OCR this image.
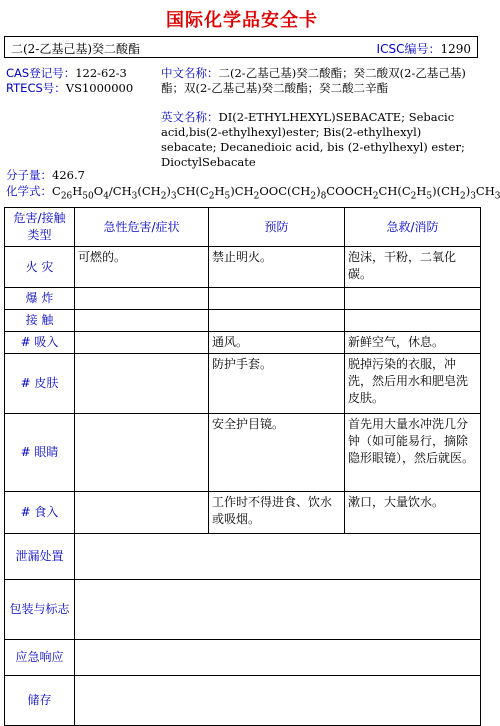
国际化学品安全卡
二(2-乙基己基)癸二酸酯	ICSC编号：1290
CAS登记号：122-62-3
RTECS号：VS1000000
中文名称：二(2-乙基己基)癸二酸酯；癸二酸双(2-乙基己基)酯；双(2-乙基己基)癸二酸酯；癸二酸二辛酯
英文名称：DI(2-ETHYLHEXYL)SEBACATE; Sebacic acid,bis(2-ethylhexyl)ester; Bis(2-ethylhexyl) sebacate; Decanedioic acid, bis (2-ethylhexyl) ester; DioctylSebacate
分子量：426.7
化学式：$C_{26}H_{50}O_4/CH_3(CH_2)_3CH(C_2H_5)CH_2OOC(CH_2)_8COOCH_2CH(C_2H_5)(CH_2)_3CH_3$
危害/接触类型	急性危害/症状	预防	急救/消防
火 灾	可燃的。	禁止明火。	泡沫，干粉，二氧化碳。
爆 炸			
接 触			
# 吸入		通风。	新鲜空气，休息。
# 皮肤		防护手套。	脱掉污染的衣服，冲洗，然后用水和肥皂洗皮肤。
# 眼睛		安全护目镜。	首先用大量水冲洗几分钟（如可能易行，摘除隐形眼镜），然后就医。
# 食入		工作时不得进食、饮水或吸烟。	漱口，大量饮水。
泄漏处置			
包装与标志			
应急响应			
储存			
